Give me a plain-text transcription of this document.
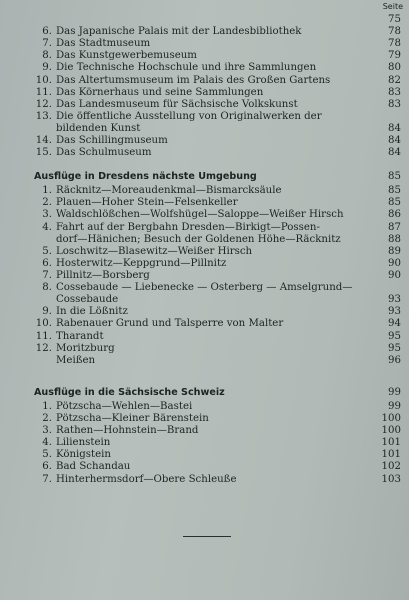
Seite
75
6. Das Japanische Palais mit der Landesbibliothek	78
7. Das Stadtmuseum	78
8. Das Kunstgewerbemuseum	79
9. Die Technische Hochschule und ihre Sammlungen	80
10. Das Altertumsmuseum im Palais des Großen Gartens	82
11. Das Körnerhaus und seine Sammlungen	83
12. Das Landesmuseum für Sächsische Volkskunst	83
13. Die öffentliche Ausstellung von Originalwerken der
bildenden Kunst	84
14. Das Schillingmuseum	84
15. Das Schulmuseum	84
Ausflüge in Dresdens nächste Umgebung	85
1. Räcknitz—Moreaudenkmal—Bismarcksäule	85
2. Plauen—Hoher Stein—Felsenkeller	85
3. Waldschlößchen—Wolfshügel—Saloppe—Weißer Hirsch	86
4. Fahrt auf der Bergbahn Dresden—Birkigt—Possen-	87
dorf—Hänichen; Besuch der Goldenen Höhe—Räcknitz	88
5. Loschwitz—Blasewitz—Weißer Hirsch	89
6. Hosterwitz—Keppgrund—Pillnitz	90
7. Pillnitz—Borsberg	90
8. Cossebaude — Liebenecke — Osterberg — Amselgrund—
Cossebaude	93
9. In die Lößnitz	93
10. Rabenauer Grund und Talsperre von Malter	94
11. Tharandt	95
12. Moritzburg	95
Meißen	96
Ausflüge in die Sächsische Schweiz	99
1. Pötzscha—Wehlen—Bastei	99
2. Pötzscha—Kleiner Bärenstein	100
3. Rathen—Hohnstein—Brand	100
4. Lilienstein	101
5. Königstein	101
6. Bad Schandau	102
7. Hinterhermsdorf—Obere Schleuße	103
